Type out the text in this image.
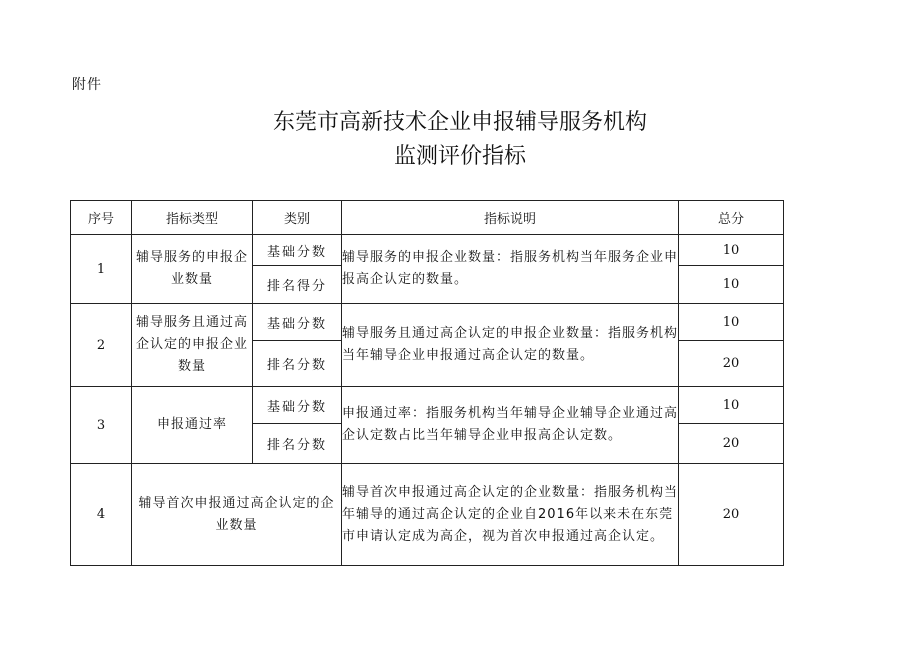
附件
东莞市高新技术企业申报辅导服务机构
监测评价指标
序号	指标类型	类别	指标说明	总分
1	辅导服务的申报企业数量	基础分数	辅导服务的申报企业数量：指服务机构当年服务企业申报高企认定的数量。	10
		排名得分		10
2	辅导服务且通过高企认定的申报企业数量	基础分数	辅导服务且通过高企认定的申报企业数量：指服务机构当年辅导企业申报通过高企认定的数量。	10
		排名分数		20
3	申报通过率	基础分数	申报通过率：指服务机构当年辅导企业辅导企业通过高企认定数占比当年辅导企业申报高企认定数。	10
		排名分数		20
4	辅导首次申报通过高企认定的企业数量		辅导首次申报通过高企认定的企业数量：指服务机构当年辅导的通过高企认定的企业自2016年以来未在东莞市申请认定成为高企，视为首次申报通过高企认定。	20
